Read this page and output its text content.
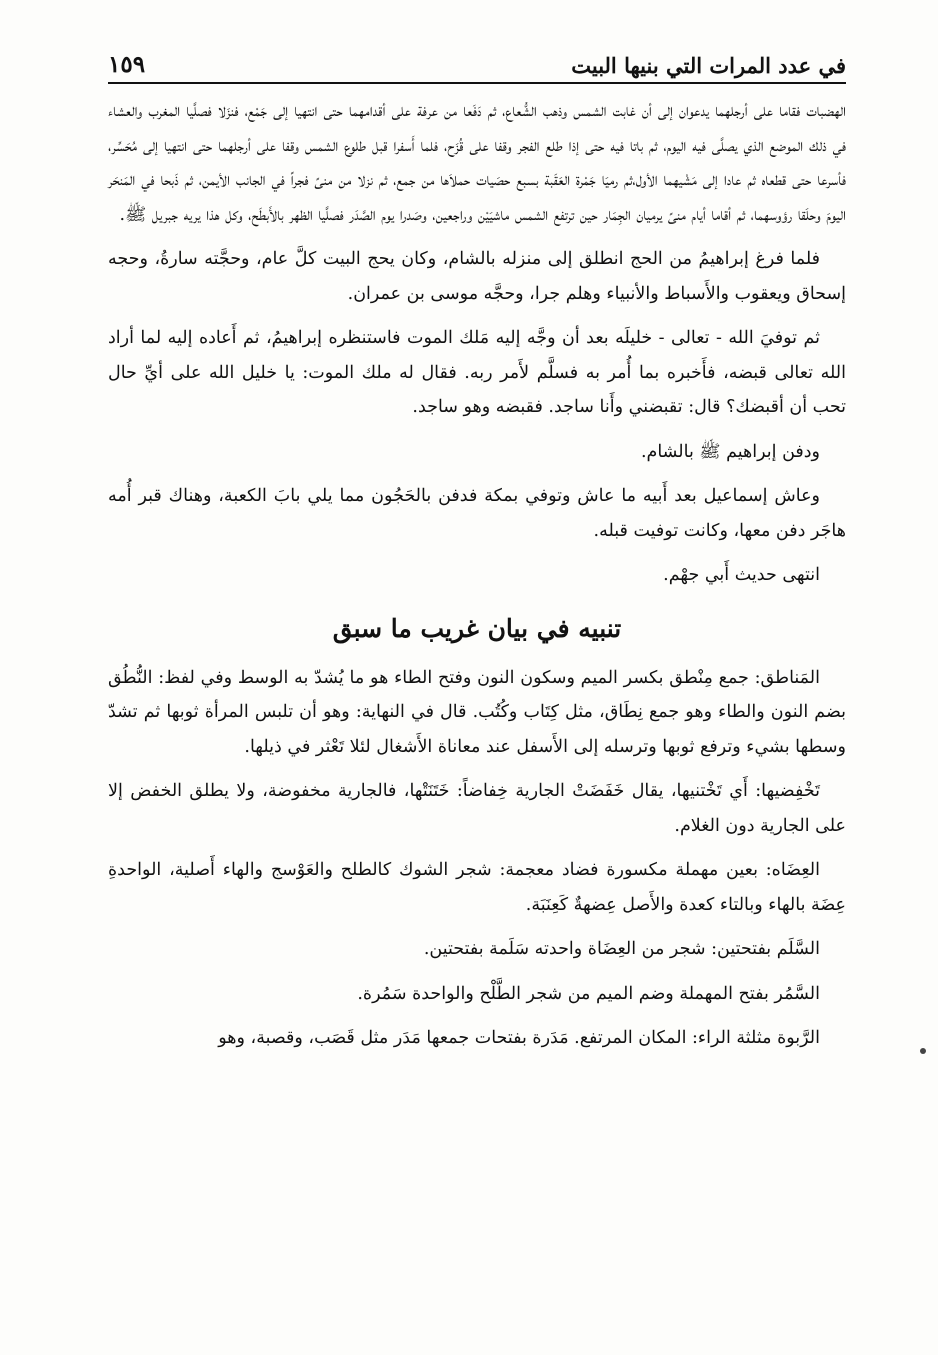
في عدد المرات التي بنيها البيت
١٥٩

الهضبات فقاما على أرجلهما يدعوان إلى أن غابت الشمس وذهب الشُّعاع، ثم دَفَعا من عرفة على أقدامهما حتى انتهيا إلى جَمْع، فنزَلا فصلَّيا المغرب والعشاء في ذلك الموضع الذي يصلَّى فيه اليوم، ثم باتا فيه حتى إذا طلع الفجر وقفا على قُزَح، فلما أَسفرا قبل طلوع الشمس وقفا على أرجلهما حتى انتهيا إلى مُحَسِّر، فأسرعا حتى قطعاه ثم عادا إلى مَشْيهما الأول،ثم رميَا جَمْرة العَقَبة بسبع حصَيات حملاَها من جمع، ثم نزلا من منىً فجراً في الجانب الأيمن، ثم ذَبحا في المَنحَر اليومَ وحلَقا رؤوسهما، ثم أقاما أيام منىً يرميان الجِمَار حين ترتفع الشمس ماشيَيْن وراجعين، وصَدرا يوم الصَّدَر فصلَّيا الظهر بالأَبطَح، وكل هذا يريه جبريل ﷺ.

فلما فرغ إبراهيمُ من الحج انطلق إلى منزله بالشام، وكان يحج البيت كلَّ عام، وحجَّته سارةُ، وحجه إسحاق ويعقوب والأَسباط والأنبياء وهلم جرا، وحجَّه موسى بن عمران.

ثم توفيَ الله - تعالى - خليلَه بعد أن وجَّه إليه مَلك الموت فاستنظره إبراهيمُ، ثم أَعاده إليه لما أراد الله تعالى قبضه، فأَخبره بما أُمر به فسلَّم لأَمر ربه. فقال له ملك الموت: يا خليل الله على أيِّ حال تحب أن أقبضك؟ قال: تقبضني وأَنا ساجد. فقبضه وهو ساجد.

ودفن إبراهيم ﷺ بالشام.

وعاش إسماعيل بعد أَبيه ما عاش وتوفي بمكة فدفن بالحَجُون مما يلي بابَ الكعبة، وهناك قبر أُمه هاجَر دفن معها، وكانت توفيت قبله.

انتهى حديث أَبي جهْم.

تنبيه في بيان غريب ما سبق

المَناطق: جمع مِنْطق بكسر الميم وسكون النون وفتح الطاء هو ما يُشدّ به الوسط وفي لفظ: النُّطُق بضم النون والطاء وهو جمع نِطَاق، مثل كِتَاب وكُتُب. قال في النهاية: وهو أن تلبس المرأة ثوبها ثم تشدّ وسطها بشيء وترفع ثوبها وترسله إلى الأَسفل عند معاناة الأَشغال لئلا تَعْثر في ذيلها.

تَخْفِضيها: أَي تَخْتنيها، يقال خَفَضَتْ الجارية خِفاضاً: خَتَنَتْها، فالجارية مخفوضة، ولا يطلق الخفض إلا على الجارية دون الغلام.

العِضَاه: بعين مهملة مكسورة فضاد معجمة: شجر الشوك كالطلح والعَوْسج والهاء أَصلية، الواحدةِ عِضَة بالهاء وبالتاء كعدة والأَصل عِضهةٌ كَعِنَبَة.

السَّلَم بفتحتين: شجر من العِضَاة واحدته سَلَمة بفتحتين.

السَّمُر بفتح المهملة وضم الميم من شجر الطَّلْح والواحدة سَمُرة.

الرَّبوة مثلثة الراء: المكان المرتفع. مَدَرة بفتحات جمعها مَدَر مثل قَصَب، وقصبة، وهو
